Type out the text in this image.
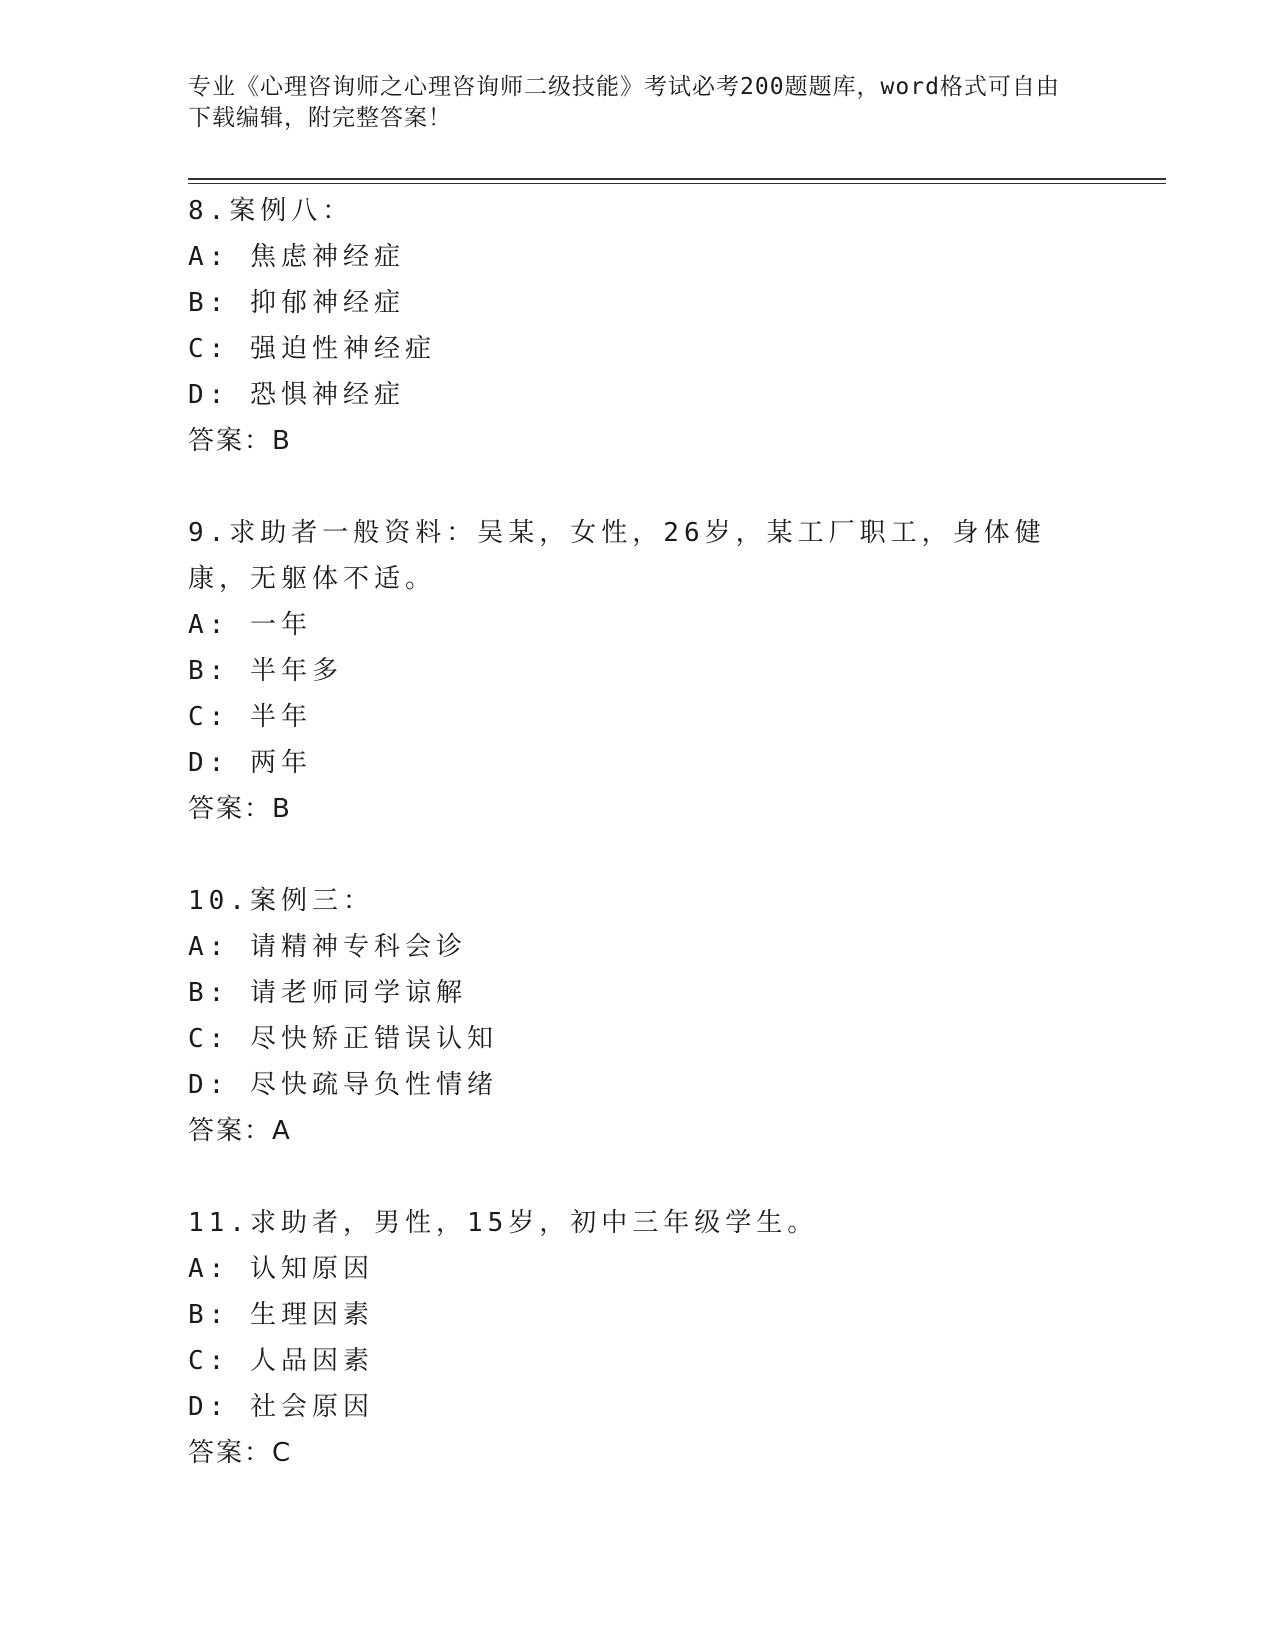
专业《心理咨询师之心理咨询师二级技能》考试必考200题题库，word格式可自由下载编辑，附完整答案！
8.案例八：
A: 焦虑神经症
B: 抑郁神经症
C: 强迫性神经症
D: 恐惧神经症
答案：B
9.求助者一般资料：吴某，女性，26岁，某工厂职工，身体健康，无躯体不适。
A: 一年
B: 半年多
C: 半年
D: 两年
答案：B
10.案例三：
A: 请精神专科会诊
B: 请老师同学谅解
C: 尽快矫正错误认知
D: 尽快疏导负性情绪
答案：A
11.求助者，男性，15岁，初中三年级学生。
A: 认知原因
B: 生理因素
C: 人品因素
D: 社会原因
答案：C
